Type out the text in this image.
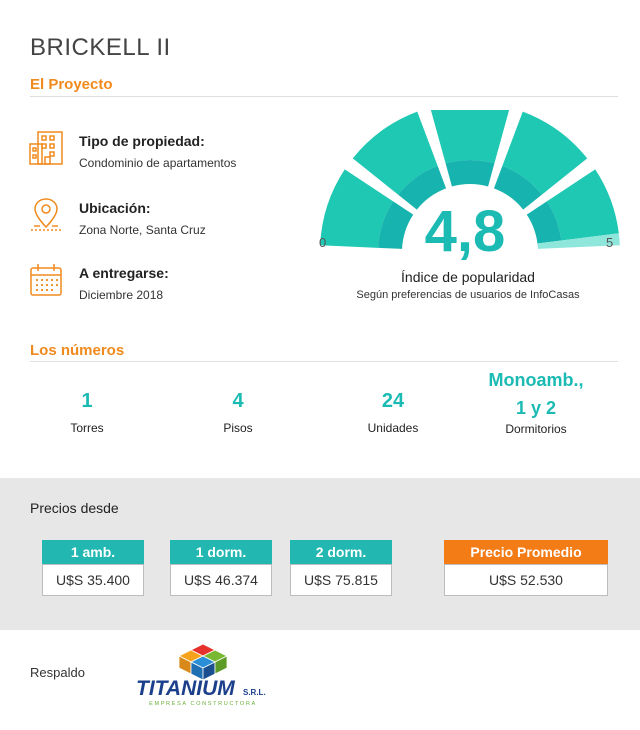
BRICKELL II
El Proyecto
Tipo de propiedad:
Condominio de apartamentos
Ubicación:
Zona Norte, Santa Cruz
A entregarse:
Diciembre 2018
4,8
0	5
Índice de popularidad
Según preferencias de usuarios de InfoCasas
Los números
1
Torres
4
Pisos
24
Unidades
Monoamb.,
1 y 2
Dormitorios
Precios desde
1 amb.
U$S 35.400
1 dorm.
U$S 46.374
2 dorm.
U$S 75.815
Precio Promedio
U$S 52.530
Respaldo
TITANIUM S.R.L.
EMPRESA CONSTRUCTORA
